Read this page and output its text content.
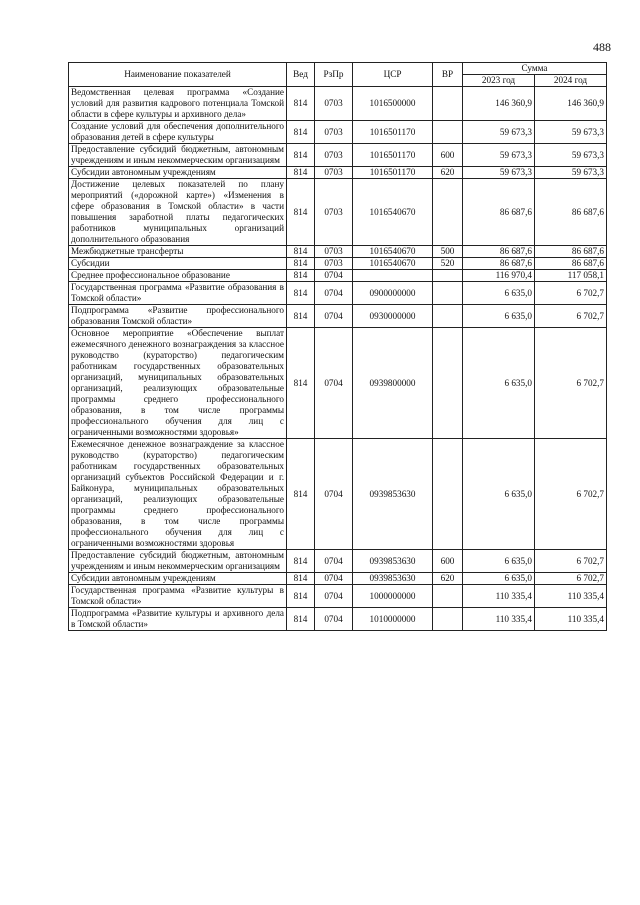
488
Наименование показателей	Вед	РзПр	ЦСР	ВР	Сумма	
					2023 год	2024 год
Ведомственная целевая программа «Создание условий для развития кадрового потенциала Томской области в сфере культуры и архивного дела»	814	0703	1016500000		146 360,9	146 360,9
Создание условий для обеспечения дополнительного образования детей в сфере культуры	814	0703	1016501170		59 673,3	59 673,3
Предоставление субсидий бюджетным, автономным учреждениям и иным некоммерческим организациям	814	0703	1016501170	600	59 673,3	59 673,3
Субсидии автономным учреждениям	814	0703	1016501170	620	59 673,3	59 673,3
Достижение целевых показателей по плану мероприятий («дорожной карте») «Изменения в сфере образования в Томской области» в части повышения заработной платы педагогических работников муниципальных организаций дополнительного образования	814	0703	1016540670		86 687,6	86 687,6
Межбюджетные трансферты	814	0703	1016540670	500	86 687,6	86 687,6
Субсидии	814	0703	1016540670	520	86 687,6	86 687,6
Среднее профессиональное образование	814	0704			116 970,4	117 058,1
Государственная программа «Развитие образования в Томской области»	814	0704	0900000000		6 635,0	6 702,7
Подпрограмма «Развитие профессионального образования Томской области»	814	0704	0930000000		6 635,0	6 702,7
Основное мероприятие «Обеспечение выплат ежемесячного денежного вознаграждения за классное руководство (кураторство) педагогическим работникам государственных образовательных организаций, муниципальных образовательных организаций, реализующих образовательные программы среднего профессионального образования, в том числе программы профессионального обучения для лиц с ограниченными возможностями здоровья»	814	0704	0939800000		6 635,0	6 702,7
Ежемесячное денежное вознаграждение за классное руководство (кураторство) педагогическим работникам государственных образовательных организаций субъектов Российской Федерации и г. Байконура, муниципальных образовательных организаций, реализующих образовательные программы среднего профессионального образования, в том числе программы профессионального обучения для лиц с ограниченными возможностями здоровья	814	0704	0939853630		6 635,0	6 702,7
Предоставление субсидий бюджетным, автономным учреждениям и иным некоммерческим организациям	814	0704	0939853630	600	6 635,0	6 702,7
Субсидии автономным учреждениям	814	0704	0939853630	620	6 635,0	6 702,7
Государственная программа «Развитие культуры в Томской области»	814	0704	1000000000		110 335,4	110 335,4
Подпрограмма «Развитие культуры и архивного дела в Томской области»	814	0704	1010000000		110 335,4	110 335,4
